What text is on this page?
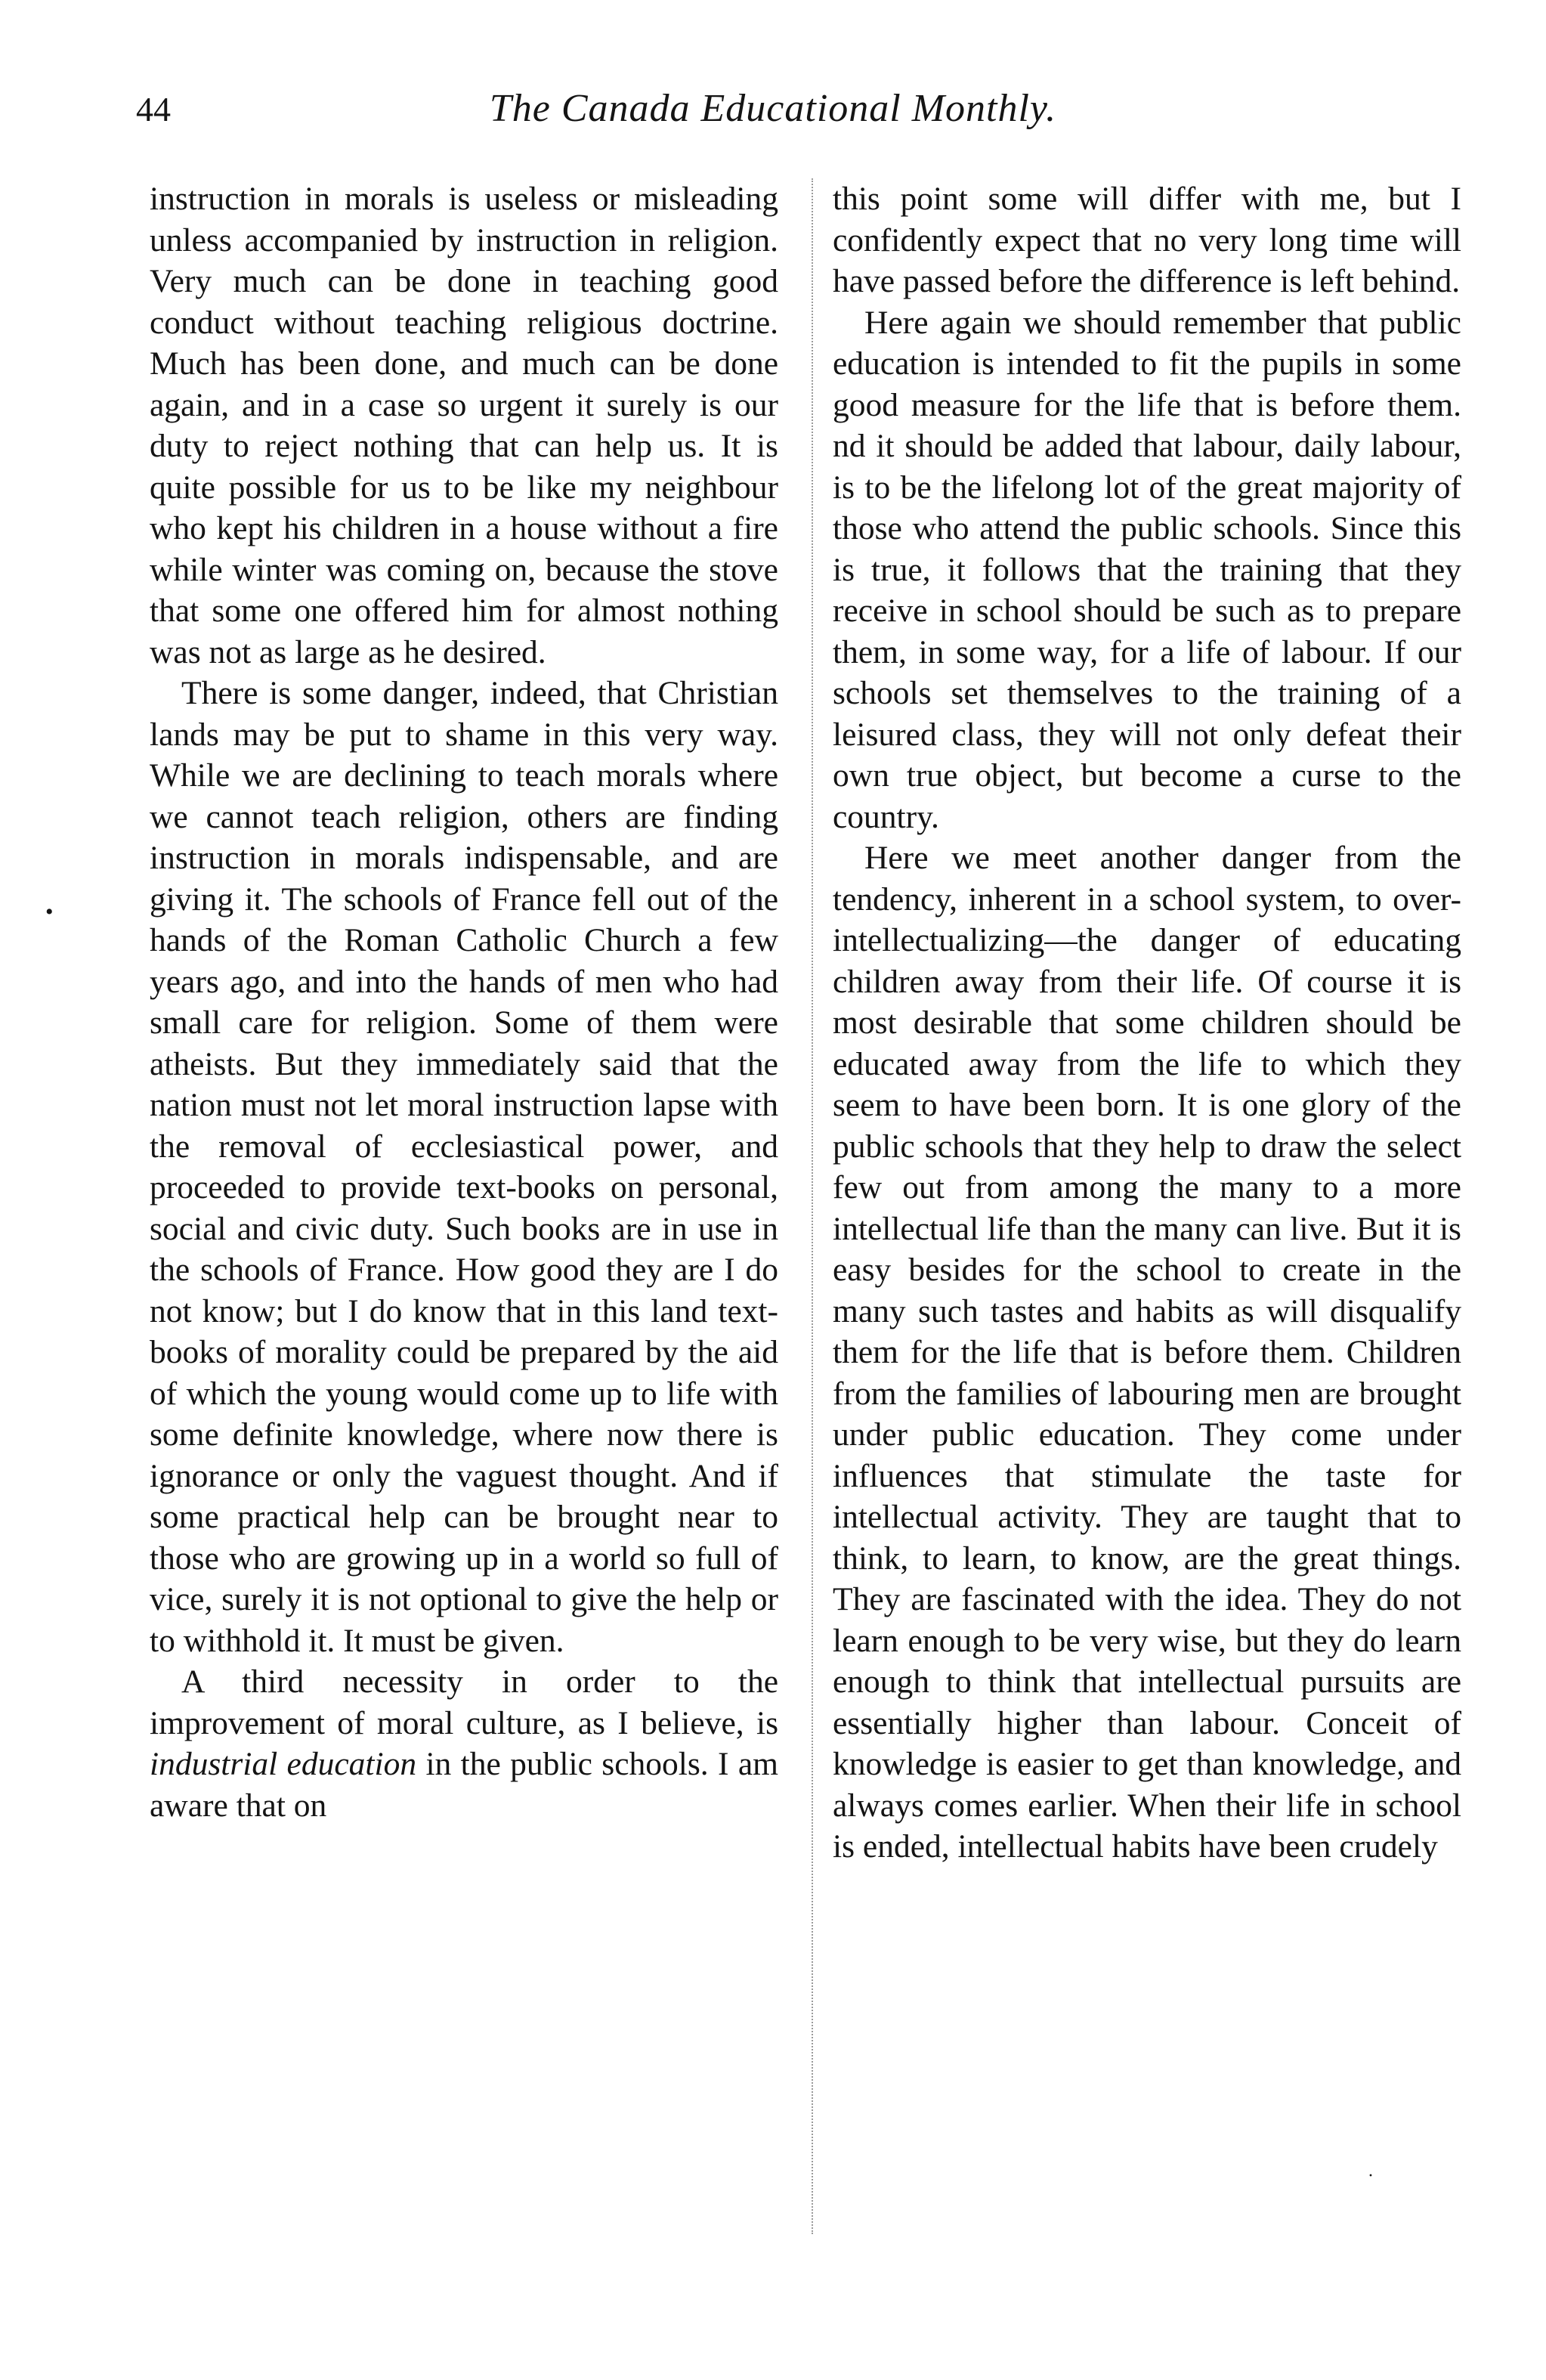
44	The Canada Educational Monthly.
•

instruction in morals is useless or misleading unless accompanied by instruction in religion. Very much can be done in teaching good conduct without teaching religious doctrine. Much has been done, and much can be done again, and in a case so urgent it surely is our duty to reject nothing that can help us. It is quite possible for us to be like my neighbour who kept his children in a house without a fire while winter was coming on, because the stove that some one offered him for almost nothing was not as large as he desired.

There is some danger, indeed, that Christian lands may be put to shame in this very way. While we are declining to teach morals where we cannot teach religion, others are finding instruction in morals indispensable, and are giving it. The schools of France fell out of the hands of the Roman Catholic Church a few years ago, and into the hands of men who had small care for religion. Some of them were atheists. But they immediately said that the nation must not let moral instruction lapse with the removal of ecclesiastical power, and proceeded to provide text-books on personal, social and civic duty. Such books are in use in the schools of France. How good they are I do not know; but I do know that in this land text-books of morality could be prepared by the aid of which the young would come up to life with some definite knowledge, where now there is ignorance or only the vaguest thought. And if some practical help can be brought near to those who are growing up in a world so full of vice, surely it is not optional to give the help or to withhold it. It must be given.

A third necessity in order to the improvement of moral culture, as I believe, is industrial education in the public schools. I am aware that on

this point some will differ with me, but I confidently expect that no very long time will have passed before the difference is left behind.

Here again we should remember that public education is intended to fit the pupils in some good measure for the life that is before them. nd it should be added that labour, daily labour, is to be the lifelong lot of the great majority of those who attend the public schools. Since this is true, it follows that the training that they receive in school should be such as to prepare them, in some way, for a life of labour. If our schools set themselves to the training of a leisured class, they will not only defeat their own true object, but become a curse to the country.

Here we meet another danger from the tendency, inherent in a school system, to over-intellectualizing—the danger of educating children away from their life. Of course it is most desirable that some children should be educated away from the life to which they seem to have been born. It is one glory of the public schools that they help to draw the select few out from among the many to a more intellectual life than the many can live. But it is easy besides for the school to create in the many such tastes and habits as will disqualify them for the life that is before them. Children from the families of labouring men are brought under public education. They come under influences that stimulate the taste for intellectual activity. They are taught that to think, to learn, to know, are the great things. They are fascinated with the idea. They do not learn enough to be very wise, but they do learn enough to think that intellectual pursuits are essentially higher than labour. Conceit of knowledge is easier to get than knowledge, and always comes earlier. When their life in school is ended, intellectual habits have been crudely

·
